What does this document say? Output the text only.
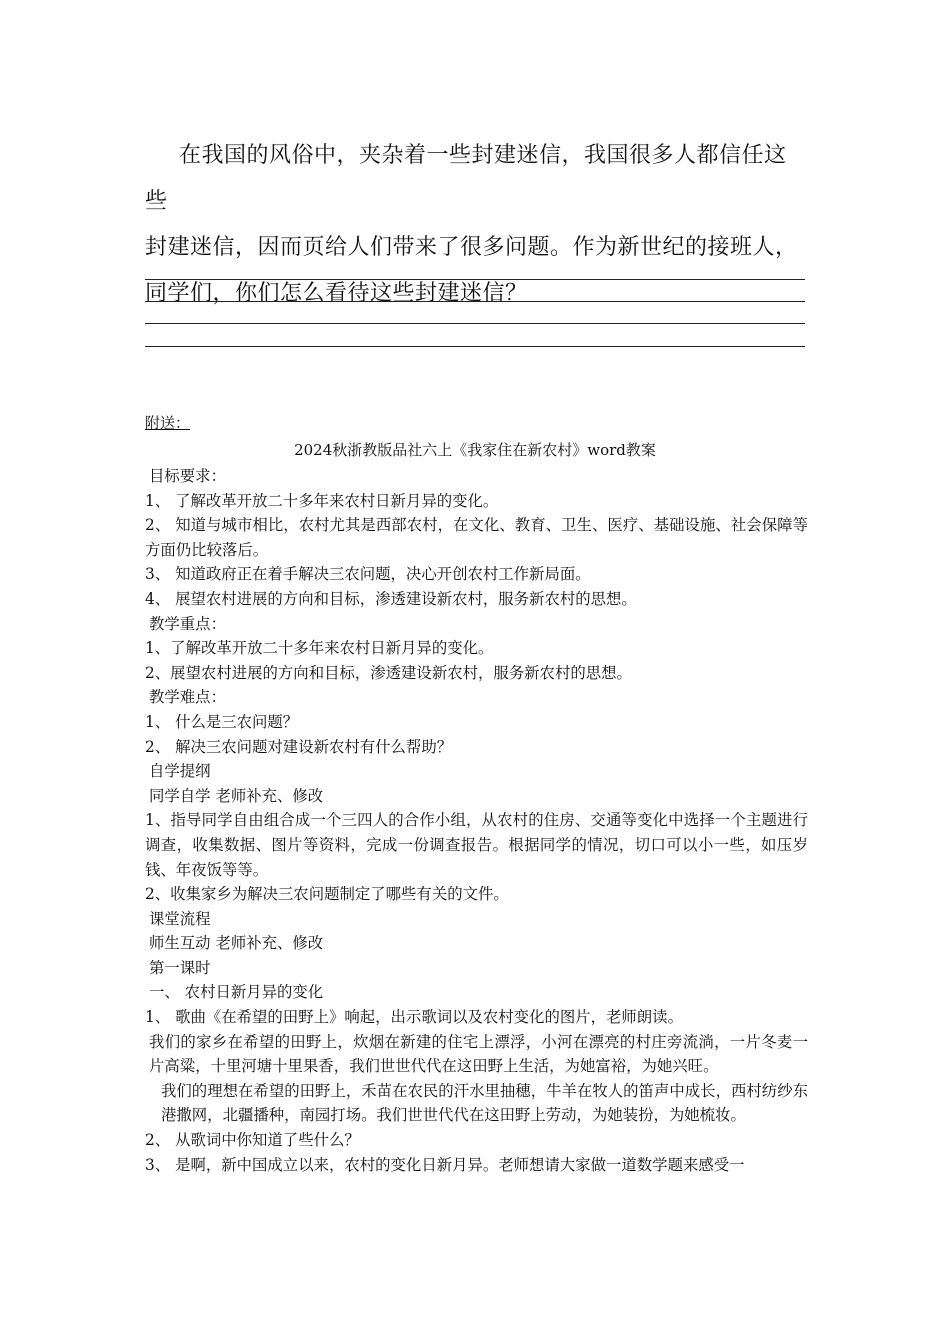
在我国的风俗中，夹杂着一些封建迷信，我国很多人都信任这些

封建迷信，因而页给人们带来了很多问题。作为新世纪的接班人，

同学们，你们怎么看待这些封建迷信？

附送：
2024秋浙教版品社六上《我家住在新农村》word教案

目标要求：

1、 了解改革开放二十多年来农村日新月异的变化。

2、 知道与城市相比，农村尤其是西部农村，在文化、教育、卫生、医疗、基础设施、社会保障等方面仍比较落后。

3、 知道政府正在着手解决三农问题，决心开创农村工作新局面。

4、 展望农村进展的方向和目标，渗透建设新农村，服务新农村的思想。

教学重点：

1、了解改革开放二十多年来农村日新月异的变化。

2、展望农村进展的方向和目标，渗透建设新农村，服务新农村的思想。

教学难点：

1、 什么是三农问题？

2、 解决三农问题对建设新农村有什么帮助？

自学提纲

同学自学 老师补充、修改

1、指导同学自由组合成一个三四人的合作小组，从农村的住房、交通等变化中选择一个主题进行调查，收集数据、图片等资料，完成一份调查报告。根据同学的情况，切口可以小一些，如压岁钱、年夜饭等等。

2、收集家乡为解决三农问题制定了哪些有关的文件。

课堂流程

师生互动 老师补充、修改

第一课时

一、 农村日新月异的变化

1、 歌曲《在希望的田野上》响起，出示歌词以及农村变化的图片，老师朗读。

我们的家乡在希望的田野上，炊烟在新建的住宅上漂浮，小河在漂亮的村庄旁流淌，一片冬麦一片高粱，十里河塘十里果香，我们世世代代在这田野上生活，为她富裕，为她兴旺。

我们的理想在希望的田野上，禾苗在农民的汗水里抽穗，牛羊在牧人的笛声中成长，西村纺纱东港撒网，北疆播种，南园打场。我们世世代代在这田野上劳动，为她装扮，为她梳妆。

2、 从歌词中你知道了些什么？

3、 是啊，新中国成立以来，农村的变化日新月异。老师想请大家做一道数学题来感受一
